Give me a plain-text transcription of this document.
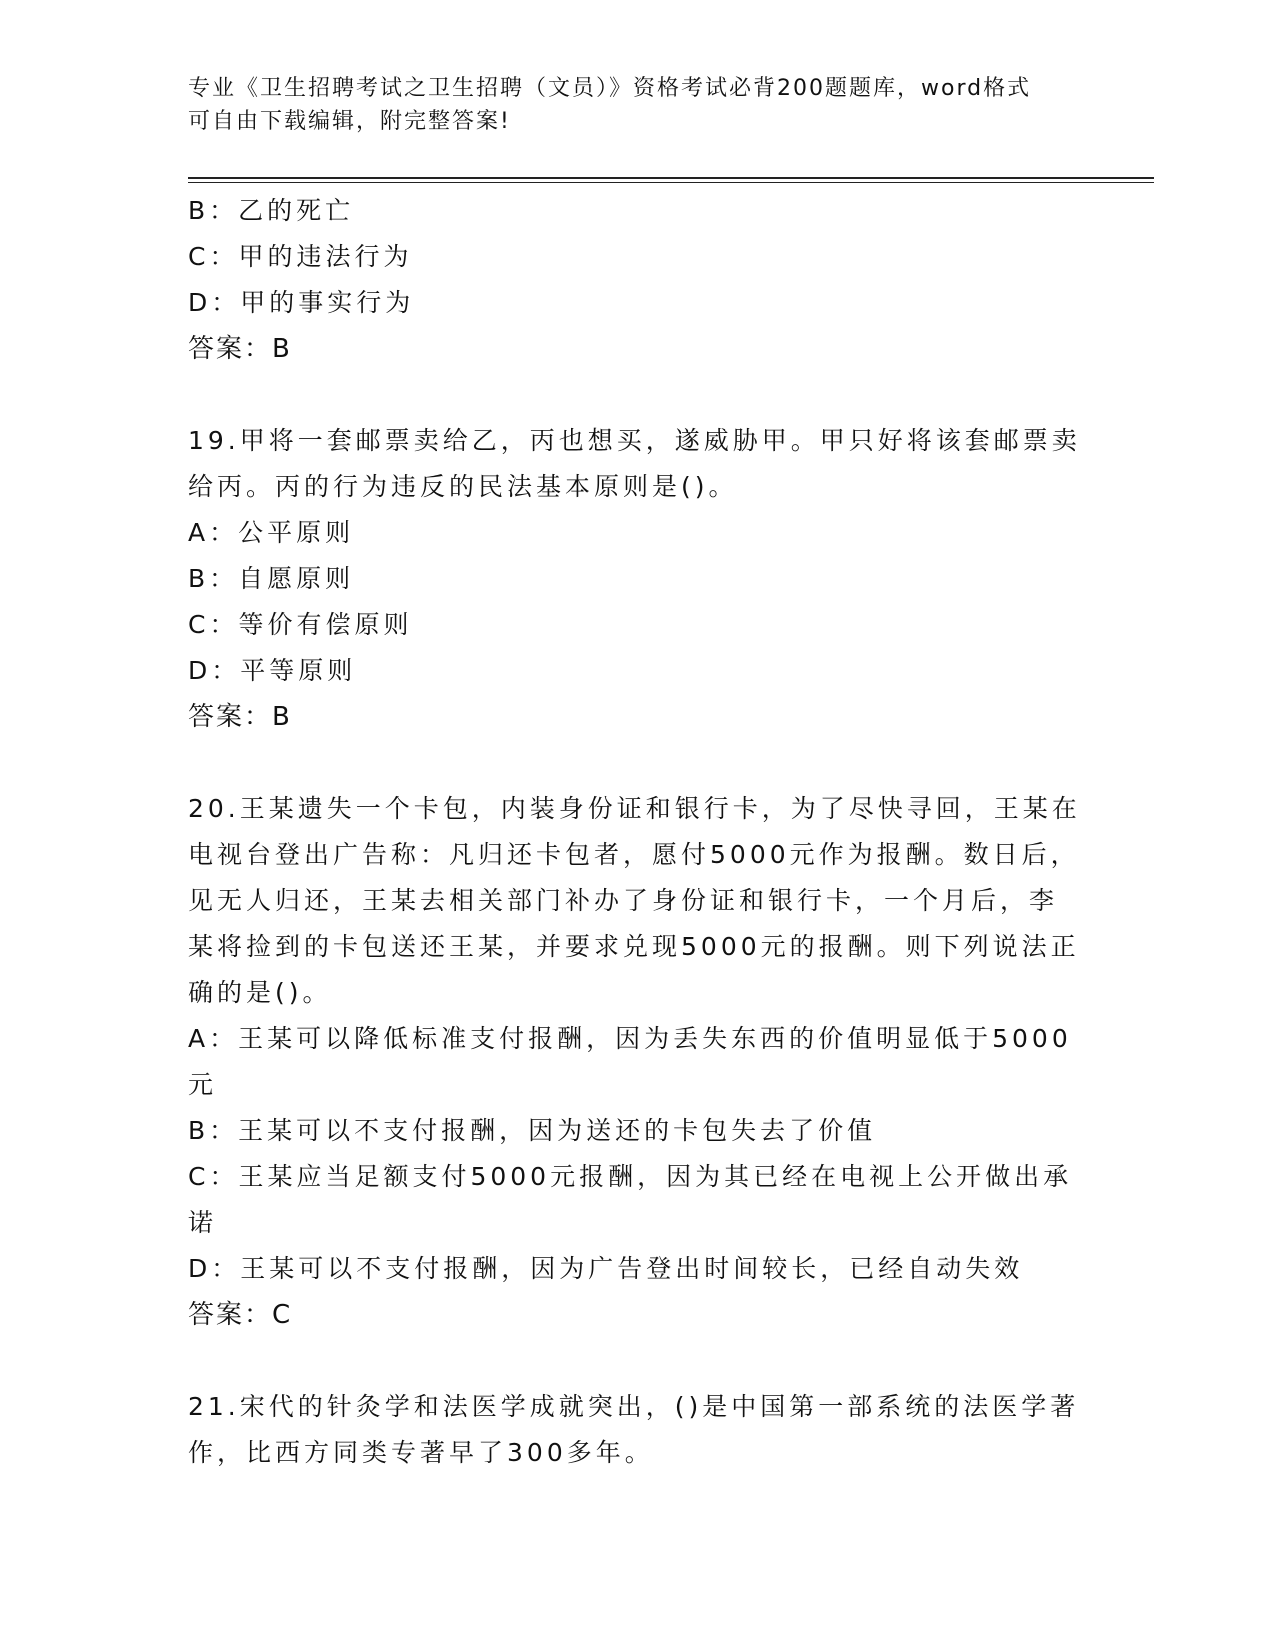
专业《卫生招聘考试之卫生招聘（文员）》资格考试必背200题题库，word格式

可自由下载编辑，附完整答案!

B：乙的死亡
C：甲的违法行为
D：甲的事实行为
答案：B
19.甲将一套邮票卖给乙，丙也想买，遂威胁甲。甲只好将该套邮票卖
给丙。丙的行为违反的民法基本原则是()。
A：公平原则
B：自愿原则
C：等价有偿原则
D：平等原则
答案：B
20.王某遗失一个卡包，内装身份证和银行卡，为了尽快寻回，王某在
电视台登出广告称：凡归还卡包者，愿付5000元作为报酬。数日后，
见无人归还，王某去相关部门补办了身份证和银行卡，一个月后，李
某将捡到的卡包送还王某，并要求兑现5000元的报酬。则下列说法正
确的是()。
A：王某可以降低标准支付报酬，因为丢失东西的价值明显低于5000
元
B：王某可以不支付报酬，因为送还的卡包失去了价值
C：王某应当足额支付5000元报酬，因为其已经在电视上公开做出承
诺
D：王某可以不支付报酬，因为广告登出时间较长，已经自动失效
答案：C
21.宋代的针灸学和法医学成就突出，()是中国第一部系统的法医学著
作，比西方同类专著早了300多年。
